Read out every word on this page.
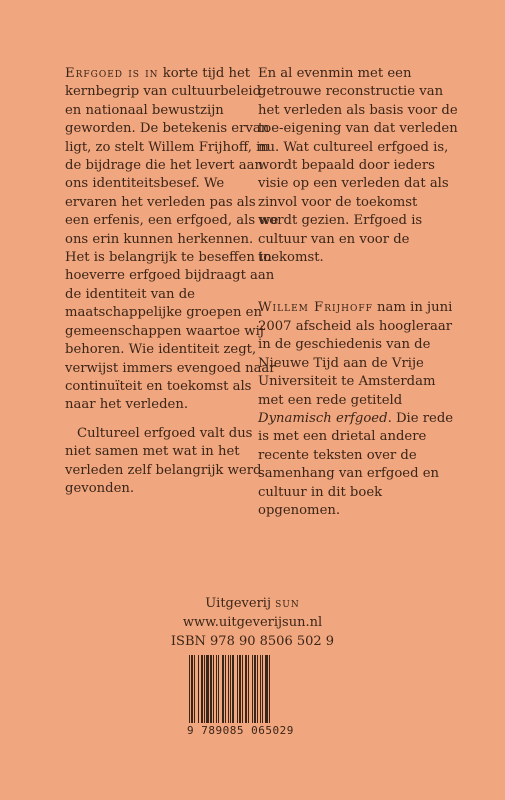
Erfgoed is in korte tijd het kernbegrip van cultuurbeleid en nationaal bewustzijn geworden. De betekenis ervan ligt, zo stelt Willem Frijhoff, in de bijdrage die het levert aan ons identiteitsbesef. We ervaren het verleden pas als een erfenis, een erfgoed, als we ons erin kunnen herkennen. Het is belangrijk te beseffen in hoeverre erfgoed bijdraagt aan de identiteit van de maatschappelijke groepen en gemeenschappen waartoe wij behoren. Wie identiteit zegt, verwijst immers evengoed naar continuïteit en toekomst als naar het verleden.

Cultureel erfgoed valt dus niet samen met wat in het verleden zelf belangrijk werd gevonden.

En al evenmin met een getrouwe reconstructie van het verleden als basis voor de toe-eigening van dat verleden nu. Wat cultureel erfgoed is, wordt bepaald door ieders visie op een verleden dat als zinvol voor de toekomst wordt gezien. Erfgoed is cultuur van en voor de toekomst.

Willem Frijhoff nam in juni 2007 afscheid als hoogleraar in de geschiedenis van de Nieuwe Tijd aan de Vrije Universiteit te Amsterdam met een rede getiteld Dynamisch erfgoed. Die rede is met een drietal andere recente teksten over de samenhang van erfgoed en cultuur in dit boek opgenomen.

Uitgeverij sun
www.uitgeverijsun.nl
ISBN 978 90 8506 502 9
9 789085 065029
